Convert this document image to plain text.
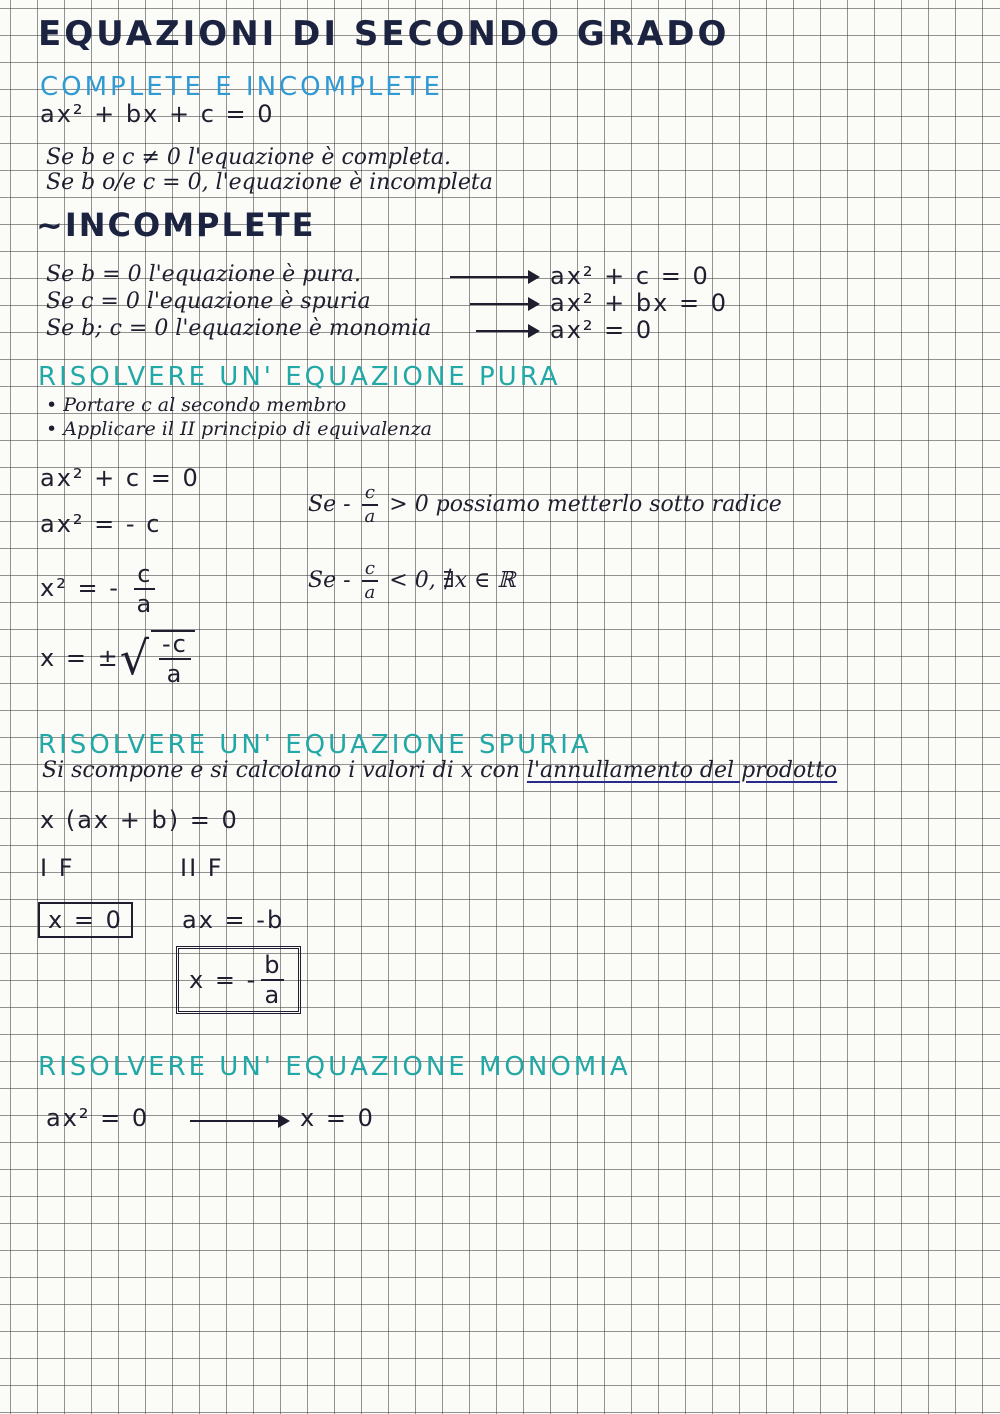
EQUAZIONI DI SECONDO GRADO
COMPLETE E INCOMPLETE
ax² + bx + c = 0
Se b e c ≠ 0 l'equazione è completa.
Se b o/e c = 0, l'equazione è incompleta
~INCOMPLETE
Se b = 0 l'equazione è pura.	ax² + c = 0
Se c = 0 l'equazione è spuria	ax² + bx = 0
Se b; c = 0 l'equazione è monomia	ax² = 0
RISOLVERE UN' EQUAZIONE PURA
• Portare c al secondo membro
• Applicare il II principio di equivalenza
ax² + c = 0
ax² = - c
x² = - $\frac{c}{a}$
x = ± √ $\frac{-c}{a}$
$Se - \frac{c}{a} > 0$ possiamo metterlo sotto radice
$Se - \frac{c}{a} < 0$, ∄x ∈ ℝ
RISOLVERE UN' EQUAZIONE SPURIA
Si scompone e si calcolano i valori di x con l'annullamento del prodotto
x (ax + b) = 0
I F	II F
x = 0	ax = -b
x = - $\frac{b}{a}$
RISOLVERE UN' EQUAZIONE MONOMIA
ax² = 0	x = 0
